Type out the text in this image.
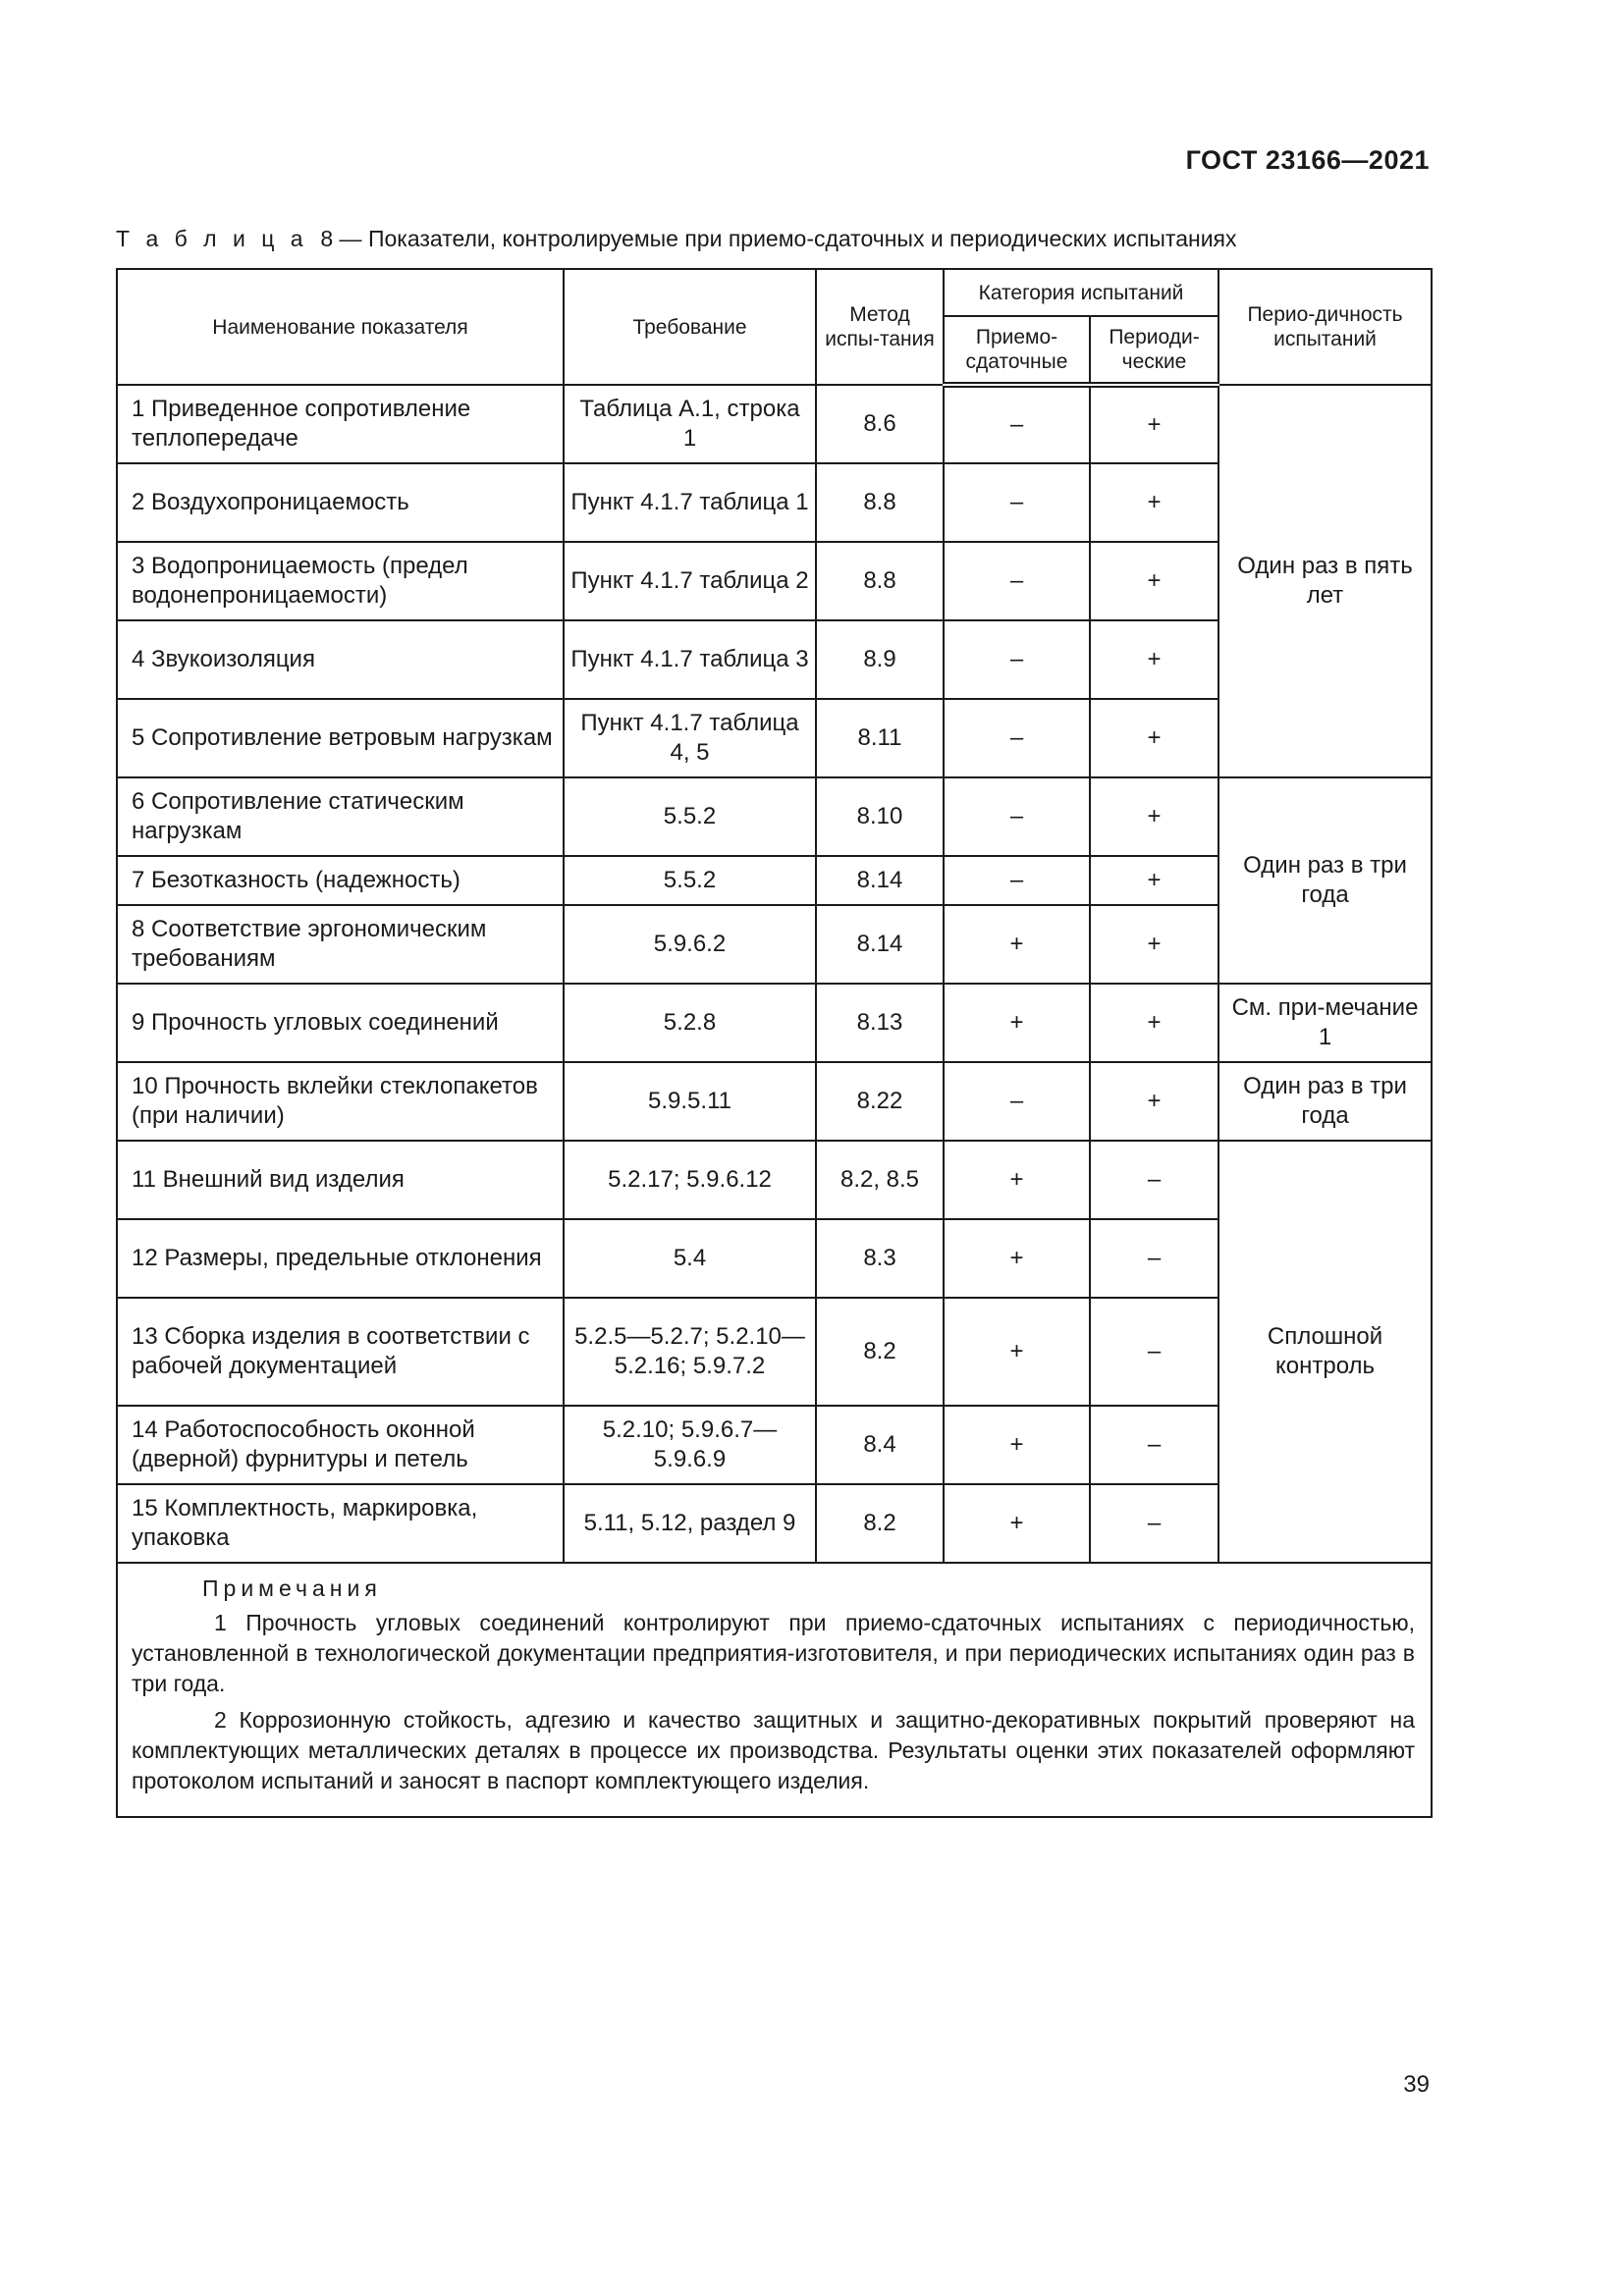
ГОСТ 23166—2021
Т а б л и ц а 8 — Показатели, контролируемые при приемо-сдаточных и периодических испытаниях
Наименование показателя	Требование	Метод испы-тания	Категория испытаний		Перио-дичность испытаний
			Приемо-сдаточные	Периоди-ческие	
1 Приведенное сопротивление теплопередаче	Таблица А.1, строка 1	8.6	–	+	Один раз в пять лет
2 Воздухопроницаемость	Пункт 4.1.7 таблица 1	8.8	–	+	
3 Водопроницаемость (предел водонепроницаемости)	Пункт 4.1.7 таблица 2	8.8	–	+	
4 Звукоизоляция	Пункт 4.1.7 таблица 3	8.9	–	+	
5 Сопротивление ветровым нагрузкам	Пункт 4.1.7 таблица 4, 5	8.11	–	+	
6 Сопротивление статическим нагрузкам	5.5.2	8.10	–	+	Один раз в три года
7 Безотказность (надежность)	5.5.2	8.14	–	+	
8 Соответствие эргономическим требованиям	5.9.6.2	8.14	+	+	
9 Прочность угловых соединений	5.2.8	8.13	+	+	См. при-мечание 1
10 Прочность вклейки стеклопакетов (при наличии)	5.9.5.11	8.22	–	+	Один раз в три года
11 Внешний вид изделия	5.2.17; 5.9.6.12	8.2, 8.5	+	–	Сплошной контроль
12 Размеры, предельные отклонения	5.4	8.3	+	–	
13 Сборка изделия в соответствии с рабочей документацией	5.2.5—5.2.7; 5.2.10—5.2.16; 5.9.7.2	8.2	+	–	
14 Работоспособность оконной (дверной) фурнитуры и петель	5.2.10; 5.9.6.7—5.9.6.9	8.4	+	–	
15 Комплектность, маркировка, упаковка	5.11, 5.12, раздел 9	8.2	+	–	

Примечания

1 Прочность угловых соединений контролируют при приемо-сдаточных испытаниях с периодичностью, установленной в технологической документации предприятия-изготовителя, и при периодических испытаниях один раз в три года.

2 Коррозионную стойкость, адгезию и качество защитных и защитно-декоративных покрытий проверяют на комплектующих металлических деталях в процессе их производства. Результаты оценки этих показателей оформляют протоколом испытаний и заносят в паспорт комплектующего изделия.					

39
